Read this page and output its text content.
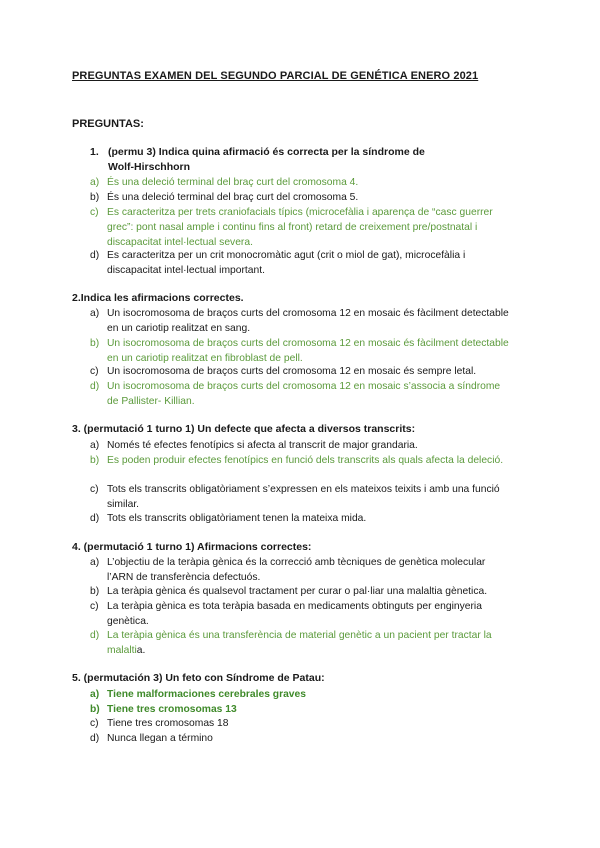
PREGUNTAS EXAMEN DEL SEGUNDO PARCIAL DE GENÉTICA ENERO 2021
PREGUNTAS:
1. (permu 3) Indica quina afirmació és correcta per la síndrome de
Wolf-Hirschhorn
a) És una deleció terminal del braç curt del cromosoma 4.
b) És una deleció terminal del braç curt del cromosoma 5.
c) Es caracteritza per trets craniofacials típics (microcefàlia i aparença de “casc guerrer grec”: pont nasal ample i continu fins al front) retard de creixement pre/postnatal i discapacitat intel·lectual severa.
d) Es caracteritza per un crit monocromàtic agut (crit o miol de gat), microcefàlia i discapacitat intel·lectual important.
2.Indica les afirmacions correctes.
a) Un isocromosoma de braços curts del cromosoma 12 en mosaic és fàcilment detectable en un cariotip realitzat en sang.
b) Un isocromosoma de braços curts del cromosoma 12 en mosaic és fàcilment detectable en un cariotip realitzat en fibroblast de pell.
c) Un isocromosoma de braços curts del cromosoma 12 en mosaic és sempre letal.
d) Un isocromosoma de braços curts del cromosoma 12 en mosaic s’associa a síndrome de Pallister- Killian.
3. (permutació 1 turno 1) Un defecte que afecta a diversos transcrits:
a) Només té efectes fenotípics si afecta al transcrit de major grandaria.
b) Es poden produir efectes fenotípics en funció dels transcrits als quals afecta la deleció.
c) Tots els transcrits obligatòriament s’expressen en els mateixos teixits i amb una funció similar.
d) Tots els transcrits obligatòriament tenen la mateixa mida.
4. (permutació 1 turno 1) Afirmacions correctes:
a) L’objectiu de la teràpia gènica és la correcció amb tècniques de genètica molecular l’ARN de transferència defectuós.
b) La teràpia gènica és qualsevol tractament per curar o pal·liar una malaltia gènetica.
c) La teràpia gènica es tota teràpia basada en medicaments obtinguts per enginyeria genètica.
d) La teràpia gènica és una transferència de material genètic a un pacient per tractar la malaltia.
5. (permutación 3) Un feto con Síndrome de Patau:
a) Tiene malformaciones cerebrales graves
b) Tiene tres cromosomas 13
c) Tiene tres cromosomas 18
d) Nunca llegan a término
